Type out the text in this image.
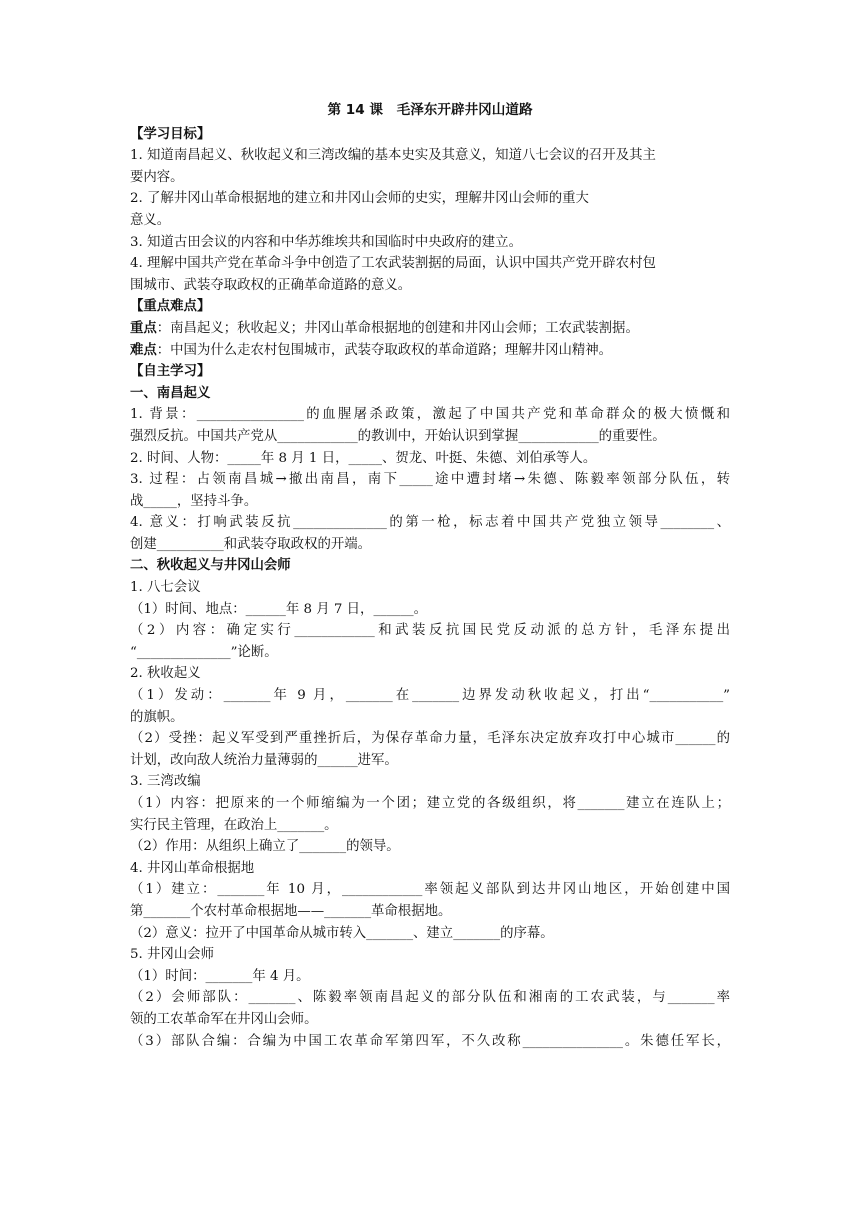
第 14 课　毛泽东开辟井冈山道路
【学习目标】
1. 知道南昌起义、秋收起义和三湾改编的基本史实及其意义，知道八七会议的召开及其主
要内容。
2. 了解井冈山革命根据地的建立和井冈山会师的史实，理解井冈山会师的重大
意义。
3. 知道古田会议的内容和中华苏维埃共和国临时中央政府的建立。
4. 理解中国共产党在革命斗争中创造了工农武装割据的局面，认识中国共产党开辟农村包
围城市、武装夺取政权的正确革命道路的意义。
【重点难点】
重点：南昌起义；秋收起义；井冈山革命根据地的创建和井冈山会师；工农武装割据。
难点：中国为什么走农村包围城市，武装夺取政权的革命道路；理解井冈山精神。
【自主学习】
一、南昌起义
1. 背景：________________的血腥屠杀政策，激起了中国共产党和革命群众的极大愤慨和
强烈反抗。中国共产党从____________的教训中，开始认识到掌握____________的重要性。
2. 时间、人物：_____年 8 月 1 日，_____、贺龙、叶挺、朱德、刘伯承等人。
3. 过程：占领南昌城→撤出南昌，南下_____途中遭封堵→朱德、陈毅率领部分队伍，转
战_____，坚持斗争。
4. 意义：打响武装反抗______________的第一枪，标志着中国共产党独立领导________、
创建__________和武装夺取政权的开端。
二、秋收起义与井冈山会师
1. 八七会议
（1）时间、地点：______年 8 月 7 日，______。
（2）内容：确定实行____________和武装反抗国民党反动派的总方针，毛泽东提出
“______________”论断。
2. 秋收起义
（1）发动：_______年 9 月，_______在_______边界发动秋收起义，打出“___________”
的旗帜。
（2）受挫：起义军受到严重挫折后，为保存革命力量，毛泽东决定放弃攻打中心城市______的
计划，改向敌人统治力量薄弱的______进军。
3. 三湾改编
（1）内容：把原来的一个师缩编为一个团；建立党的各级组织，将_______建立在连队上；
实行民主管理，在政治上_______。
（2）作用：从组织上确立了_______的领导。
4. 井冈山革命根据地
（1）建立：_______年 10 月，____________率领起义部队到达井冈山地区，开始创建中国
第_______个农村革命根据地——_______革命根据地。
（2）意义：拉开了中国革命从城市转入_______、建立_______的序幕。
5. 井冈山会师
（1）时间：_______年 4 月。
（2）会师部队：_______、陈毅率领南昌起义的部分队伍和湘南的工农武装，与_______率
领的工农革命军在井冈山会师。
（3）部队合编：合编为中国工农革命军第四军，不久改称_______________。朱德任军长，
